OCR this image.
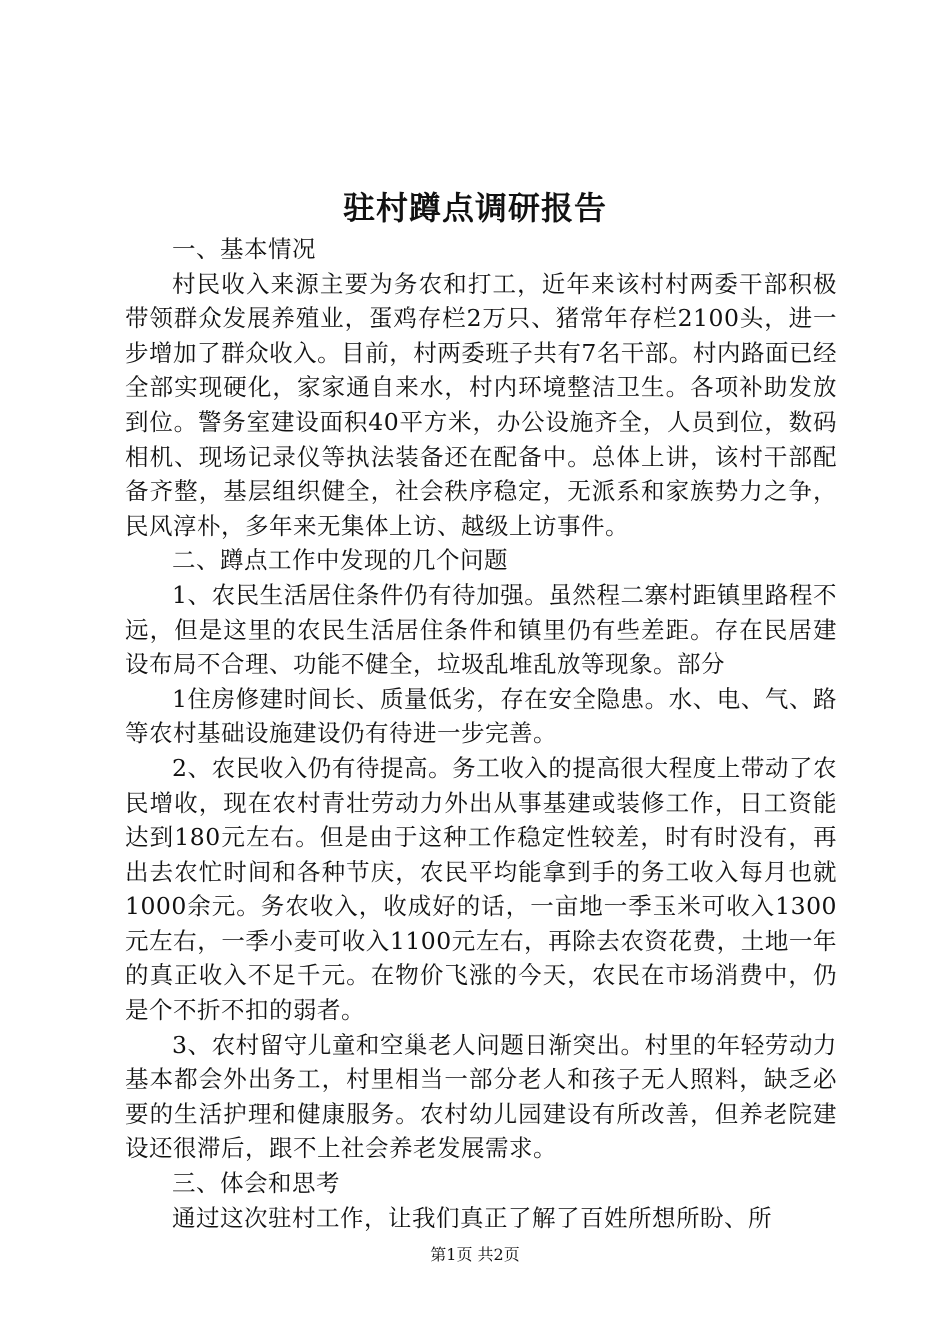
驻村蹲点调研报告

一、基本情况

村民收入来源主要为务农和打工，近年来该村村两委干部积极带领群众发展养殖业，蛋鸡存栏2万只、猪常年存栏2100头，进一步增加了群众收入。目前，村两委班子共有7名干部。村内路面已经全部实现硬化，家家通自来水，村内环境整洁卫生。各项补助发放到位。警务室建设面积40平方米，办公设施齐全，人员到位，数码相机、现场记录仪等执法装备还在配备中。总体上讲，该村干部配备齐整，基层组织健全，社会秩序稳定，无派系和家族势力之争，民风淳朴，多年来无集体上访、越级上访事件。

二、蹲点工作中发现的几个问题

1、农民生活居住条件仍有待加强。虽然程二寨村距镇里路程不远，但是这里的农民生活居住条件和镇里仍有些差距。存在民居建设布局不合理、功能不健全，垃圾乱堆乱放等现象。部分

1住房修建时间长、质量低劣，存在安全隐患。水、电、气、路等农村基础设施建设仍有待进一步完善。

2、农民收入仍有待提高。务工收入的提高很大程度上带动了农民增收，现在农村青壮劳动力外出从事基建或装修工作，日工资能达到180元左右。但是由于这种工作稳定性较差，时有时没有，再出去农忙时间和各种节庆，农民平均能拿到手的务工收入每月也就1000余元。务农收入，收成好的话，一亩地一季玉米可收入1300元左右，一季小麦可收入1100元左右，再除去农资花费，土地一年的真正收入不足千元。在物价飞涨的今天，农民在市场消费中，仍是个不折不扣的弱者。

3、农村留守儿童和空巢老人问题日渐突出。村里的年轻劳动力基本都会外出务工，村里相当一部分老人和孩子无人照料，缺乏必要的生活护理和健康服务。农村幼儿园建设有所改善，但养老院建设还很滞后，跟不上社会养老发展需求。

三、体会和思考

通过这次驻村工作，让我们真正了解了百姓所想所盼、所

第1页 共2页
